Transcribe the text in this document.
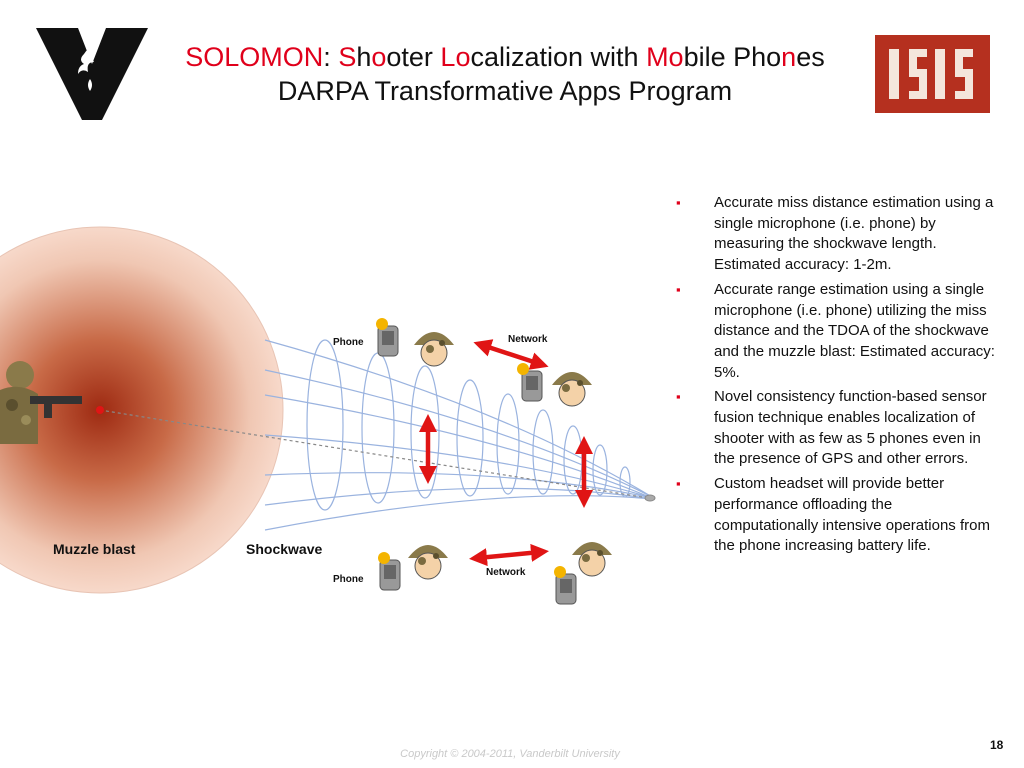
SOLOMON: Shooter Localization with Mobile Phones
DARPA Transformative Apps Program
Muzzle blast	Shockwave
Phone
Phone
Network
Network
▪ Accurate miss distance estimation using a single microphone (i.e. phone) by measuring the shockwave length. Estimated accuracy: 1-2m.
▪ Accurate range estimation using a single microphone (i.e. phone) utilizing the miss distance and the TDOA of the shockwave and the muzzle blast: Estimated accuracy: 5%.
▪ Novel consistency function-based sensor fusion technique enables localization of shooter with as few as 5 phones even in the presence of GPS and other errors.
▪ Custom headset will provide better performance offloading the computationally intensive operations from the phone increasing battery life.
Copyright © 2004-2011, Vanderbilt University
18
